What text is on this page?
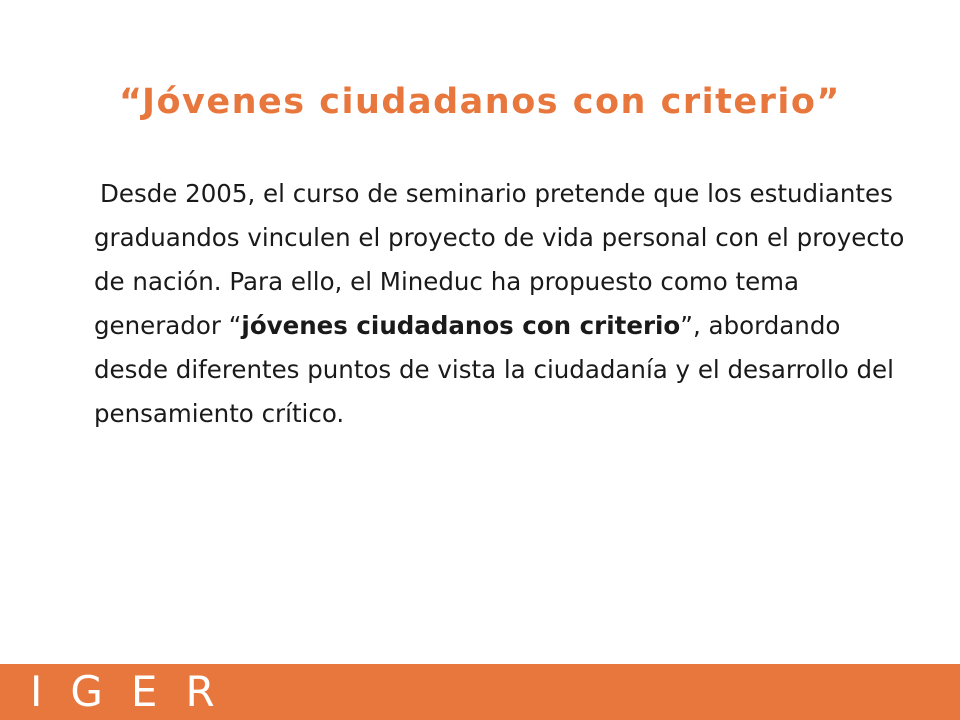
“Jóvenes ciudadanos con criterio”

Desde 2005, el curso de seminario pretende que los estudiantes graduandos vinculen el proyecto de vida personal con el proyecto de nación. Para ello, el Mineduc ha propuesto como tema generador “jóvenes ciudadanos con criterio”, abordando desde diferentes puntos de vista la ciudadanía y el desarrollo del pensamiento crítico.

IGER
